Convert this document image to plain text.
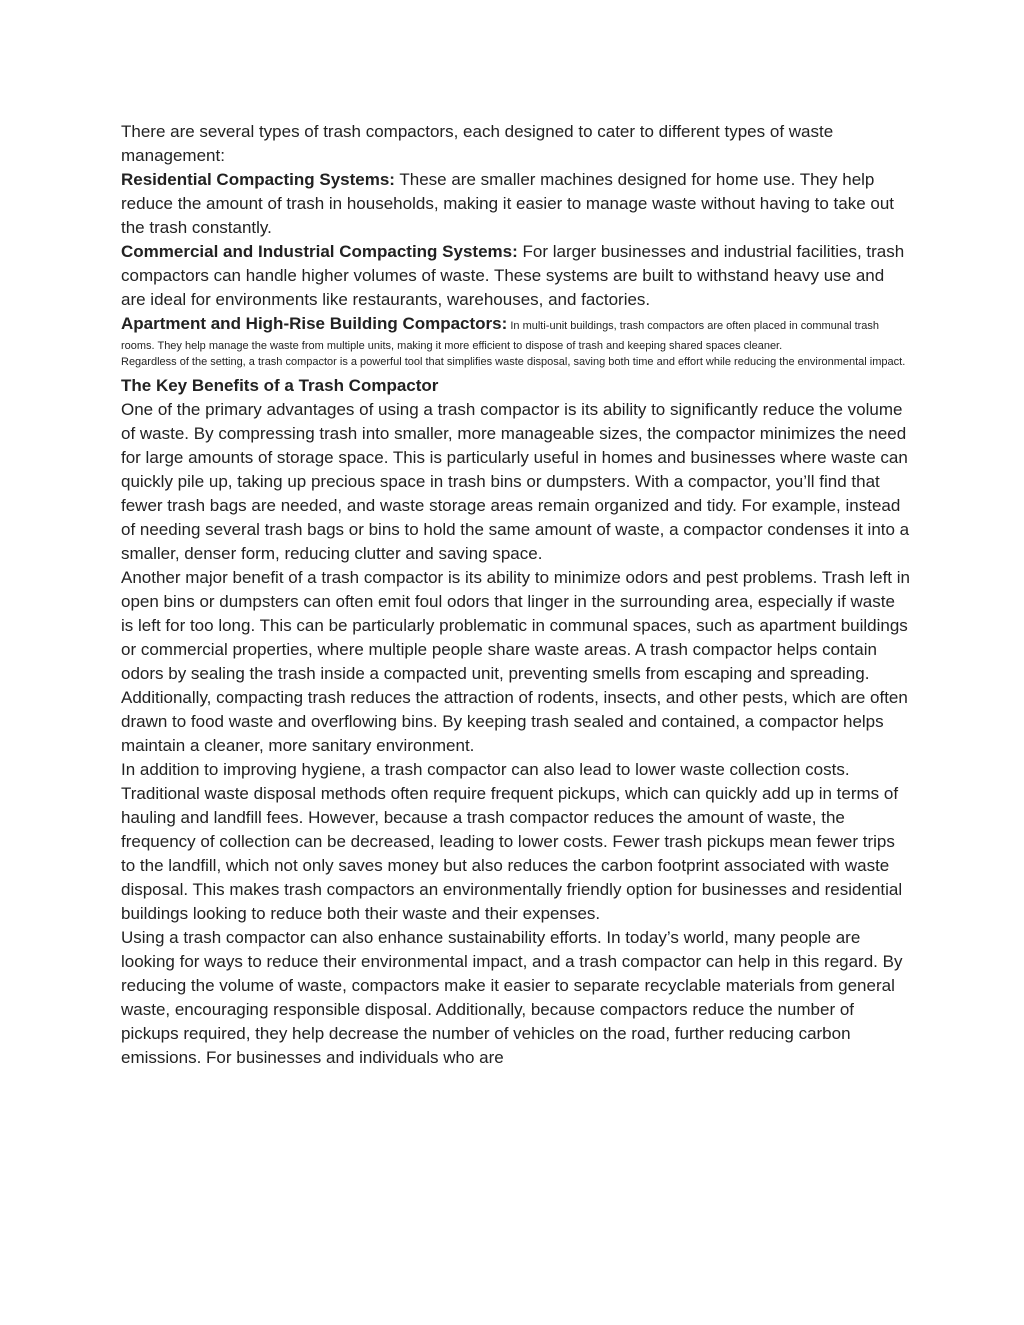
There are several types of trash compactors, each designed to cater to different types of waste management:

Residential Compacting Systems: These are smaller machines designed for home use. They help reduce the amount of trash in households, making it easier to manage waste without having to take out the trash constantly.

Commercial and Industrial Compacting Systems: For larger businesses and industrial facilities, trash compactors can handle higher volumes of waste. These systems are built to withstand heavy use and are ideal for environments like restaurants, warehouses, and factories.

Apartment and High-Rise Building Compactors: In multi-unit buildings, trash compactors are often placed in communal trash rooms. They help manage the waste from multiple units, making it more efficient to dispose of trash and keeping shared spaces cleaner.

Regardless of the setting, a trash compactor is a powerful tool that simplifies waste disposal, saving both time and effort while reducing the environmental impact.

The Key Benefits of a Trash Compactor

One of the primary advantages of using a trash compactor is its ability to significantly reduce the volume of waste. By compressing trash into smaller, more manageable sizes, the compactor minimizes the need for large amounts of storage space. This is particularly useful in homes and businesses where waste can quickly pile up, taking up precious space in trash bins or dumpsters. With a compactor, you’ll find that fewer trash bags are needed, and waste storage areas remain organized and tidy. For example, instead of needing several trash bags or bins to hold the same amount of waste, a compactor condenses it into a smaller, denser form, reducing clutter and saving space.

Another major benefit of a trash compactor is its ability to minimize odors and pest problems. Trash left in open bins or dumpsters can often emit foul odors that linger in the surrounding area, especially if waste is left for too long. This can be particularly problematic in communal spaces, such as apartment buildings or commercial properties, where multiple people share waste areas. A trash compactor helps contain odors by sealing the trash inside a compacted unit, preventing smells from escaping and spreading. Additionally, compacting trash reduces the attraction of rodents, insects, and other pests, which are often drawn to food waste and overflowing bins. By keeping trash sealed and contained, a compactor helps maintain a cleaner, more sanitary environment.

In addition to improving hygiene, a trash compactor can also lead to lower waste collection costs. Traditional waste disposal methods often require frequent pickups, which can quickly add up in terms of hauling and landfill fees. However, because a trash compactor reduces the amount of waste, the frequency of collection can be decreased, leading to lower costs. Fewer trash pickups mean fewer trips to the landfill, which not only saves money but also reduces the carbon footprint associated with waste disposal. This makes trash compactors an environmentally friendly option for businesses and residential buildings looking to reduce both their waste and their expenses.

Using a trash compactor can also enhance sustainability efforts. In today’s world, many people are looking for ways to reduce their environmental impact, and a trash compactor can help in this regard. By reducing the volume of waste, compactors make it easier to separate recyclable materials from general waste, encouraging responsible disposal. Additionally, because compactors reduce the number of pickups required, they help decrease the number of vehicles on the road, further reducing carbon emissions. For businesses and individuals who are
